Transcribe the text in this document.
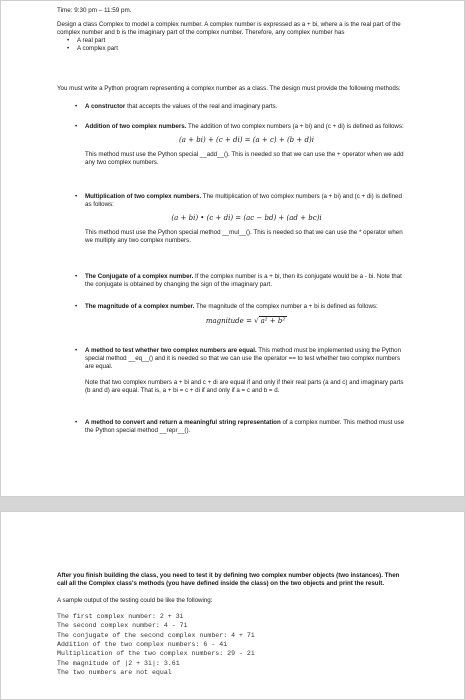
Time: 9:30 pm – 11:59 pm.

Design a class Complex to model a complex number. A complex number is expressed as a + bi, where a is the real part of the complex number and b is the imaginary part of the complex number. Therefore, any complex number has

• A real part

• A complex part

You must write a Python program representing a complex number as a class. The design must provide the following methods:

• A constructor that accepts the values of the real and imaginary parts.

• Addition of two complex numbers. The addition of two complex numbers (a + bi) and (c + di) is defined as follows:

(a + bi) + (c + di) = (a + c) + (b + d)i

This method must use the Python special __add__(). This is needed so that we can use the + operator when we add any two complex numbers.

• Multiplication of two complex numbers. The multiplication of two complex numbers (a + bi) and (c + di) is defined as follows:

(a + bi) • (c + di) = (ac − bd) + (ad + bc)i

This method must use the Python special method __mul__(). This is needed so that we can use the * operator when we multiply any two complex numbers.

• The Conjugate of a complex number. If the complex number is a + bi, then its conjugate would be a - bi. Note that the conjugate is obtained by changing the sign of the imaginary part.

• The magnitude of a complex number. The magnitude of the complex number a + bi is defined as follows:

magnitude = √ a² + b²

• A method to test whether two complex numbers are equal. This method must be implemented using the Python special method __eq__() and it is needed so that we can use the operator == to test whether two complex numbers are equal.

Note that two complex numbers a + bi and c + di are equal if and only if their real parts (a and c) and imaginary parts (b and d) are equal. That is, a + bi = c + di if and only if a = c and b = d.

• A method to convert and return a meaningful string representation of a complex number. This method must use the Python special method __repr__().

After you finish building the class, you need to test it by defining two complex number objects (two instances). Then call all the Complex class's methods (you have defined inside the class) on the two objects and print the result.

A sample output of the testing could be like the following:

The first complex number: 2 + 3i
The second complex number: 4 - 7i
The conjugate of the second complex number: 4 + 7i
Addition of the two complex numbers: 6 - 4i
Multiplication of the two complex numbers: 29 - 2i
The magnitude of |2 + 3i|: 3.61
The two numbers are not equal
